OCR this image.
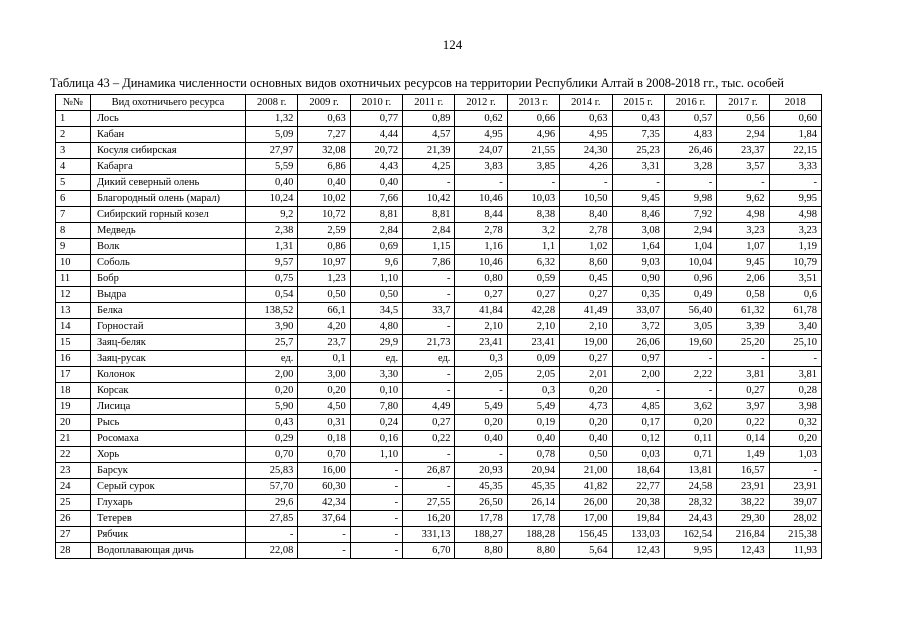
124
Таблица 43 – Динамика численности основных видов охотничьих ресурсов на территории Республики Алтай в 2008-2018 гг., тыс. особей
№№	Вид охотничьего ресурса	2008 г.	2009 г.	2010 г.	2011 г.	2012 г.	2013 г.	2014 г.	2015 г.	2016 г.	2017 г.	2018
1	Лось	1,32	0,63	0,77	0,89	0,62	0,66	0,63	0,43	0,57	0,56	0,60
2	Кабан	5,09	7,27	4,44	4,57	4,95	4,96	4,95	7,35	4,83	2,94	1,84
3	Косуля сибирская	27,97	32,08	20,72	21,39	24,07	21,55	24,30	25,23	26,46	23,37	22,15
4	Кабарга	5,59	6,86	4,43	4,25	3,83	3,85	4,26	3,31	3,28	3,57	3,33
5	Дикий северный олень	0,40	0,40	0,40	-	-	-	-	-	-	-	-
6	Благородный олень (марал)	10,24	10,02	7,66	10,42	10,46	10,03	10,50	9,45	9,98	9,62	9,95
7	Сибирский горный козел	9,2	10,72	8,81	8,81	8,44	8,38	8,40	8,46	7,92	4,98	4,98
8	Медведь	2,38	2,59	2,84	2,84	2,78	3,2	2,78	3,08	2,94	3,23	3,23
9	Волк	1,31	0,86	0,69	1,15	1,16	1,1	1,02	1,64	1,04	1,07	1,19
10	Соболь	9,57	10,97	9,6	7,86	10,46	6,32	8,60	9,03	10,04	9,45	10,79
11	Бобр	0,75	1,23	1,10	-	0,80	0,59	0,45	0,90	0,96	2,06	3,51
12	Выдра	0,54	0,50	0,50	-	0,27	0,27	0,27	0,35	0,49	0,58	0,6
13	Белка	138,52	66,1	34,5	33,7	41,84	42,28	41,49	33,07	56,40	61,32	61,78
14	Горностай	3,90	4,20	4,80	-	2,10	2,10	2,10	3,72	3,05	3,39	3,40
15	Заяц-беляк	25,7	23,7	29,9	21,73	23,41	23,41	19,00	26,06	19,60	25,20	25,10
16	Заяц-русак	ед.	0,1	ед.	ед.	0,3	0,09	0,27	0,97	-	-	-
17	Колонок	2,00	3,00	3,30	-	2,05	2,05	2,01	2,00	2,22	3,81	3,81
18	Корсак	0,20	0,20	0,10	-	-	0,3	0,20	-	-	0,27	0,28
19	Лисица	5,90	4,50	7,80	4,49	5,49	5,49	4,73	4,85	3,62	3,97	3,98
20	Рысь	0,43	0,31	0,24	0,27	0,20	0,19	0,20	0,17	0,20	0,22	0,32
21	Росомаха	0,29	0,18	0,16	0,22	0,40	0,40	0,40	0,12	0,11	0,14	0,20
22	Хорь	0,70	0,70	1,10	-	-	0,78	0,50	0,03	0,71	1,49	1,03
23	Барсук	25,83	16,00	-	26,87	20,93	20,94	21,00	18,64	13,81	16,57	-
24	Серый сурок	57,70	60,30	-	-	45,35	45,35	41,82	22,77	24,58	23,91	23,91
25	Глухарь	29,6	42,34	-	27,55	26,50	26,14	26,00	20,38	28,32	38,22	39,07
26	Тетерев	27,85	37,64	-	16,20	17,78	17,78	17,00	19,84	24,43	29,30	28,02
27	Рябчик	-	-	-	331,13	188,27	188,28	156,45	133,03	162,54	216,84	215,38
28	Водоплавающая дичь	22,08	-	-	6,70	8,80	8,80	5,64	12,43	9,95	12,43	11,93
